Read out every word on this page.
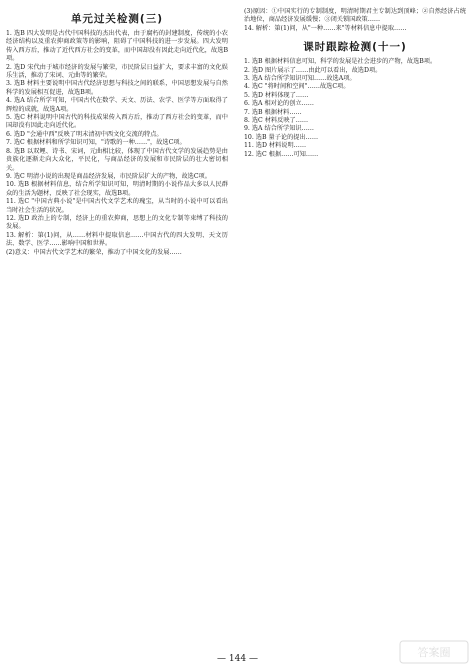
单元过关检测(三)

1. 选B 四大发明是古代中国科技的杰出代表，由于腐朽的封建制度，传统的小农经济结构以及重农抑商政策等的影响，阻碍了中国科技的进一步发展。四大发明传入西方后，推动了近代西方社会的变革，而中国却没有因此走向近代化，故选B项。

2. 选D 宋代由于城市经济的发展与繁荣，市民阶层日益扩大，要求丰富的文化娱乐生活，推动了宋词、元曲等的繁荣。

3. 选B 材料主要说明中国古代经济思想与科技之间的联系，中国思想发展与自然科学的发展相互促进，故选B项。

4. 选A 结合所学可知，中国古代在数学、天文、历法、农学、医学等方面取得了辉煌的成就，故选A项。

5. 选C 材料说明中国古代的科技成果传入西方后，推动了西方社会的变革，而中国却没有因此走向近代化。

6. 选D "会通中西"反映了明末清初中西文化交流的特点。

7. 选C 根据材料和所学知识可知，"诗歌的一种……"，故选C项。

8. 选B 以双鲤、诗书、宋词，元曲相比较，体现了中国古代文学的发展趋势是由贵族化逐渐走向大众化，平民化，与商品经济的发展和市民阶层的壮大密切相关。

9. 选C 明清小说的出现是商品经济发展，市民阶层扩大的产物，故选C项。

10. 选B 根据材料信息，结合所学知识可知，明清时期的小说作品大多以人民群众的生活为题材，反映了社会现实，故选B项。

11. 选C "中国古典小说"是中国古代文学艺术的瑰宝，从当时的小说中可以看出当时社会生活的状况。

12. 选D 政治上的专制，经济上的重农抑商，思想上的文化专制等束缚了科技的发展。

13. 解析：第(1)问，从……材料中提取信息……中国古代的四大发明、天文历法、数学、医学……影响中国和世界。

(2)意义：中国古代文学艺术的繁荣，推动了中国文化的发展……

(3)原因：①中国实行的专制制度，明清时期君主专制达到顶峰；②自然经济占统治地位，商品经济发展缓慢；③闭关锁国政策……

14. 解析：第(1)问，从"一种……来"等材料信息中提取……

课时跟踪检测(十一)

1. 选B 根据材料信息可知，科学的发展是社会进步的产物，故选B项。

2. 选D 图片展示了……由此可以看出，故选D项。

3. 选A 结合所学知识可知……故选A项。

4. 选C "将时间和空间"……故选C项。

5. 选D 材料体现了……

6. 选A 相对论的创立……

7. 选B 根据材料……

8. 选C 材料反映了……

9. 选A 结合所学知识……

10. 选B 量子论的提出……

11. 选D 材料说明……

12. 选C 根据……可知……

— 144 —	答案圈
